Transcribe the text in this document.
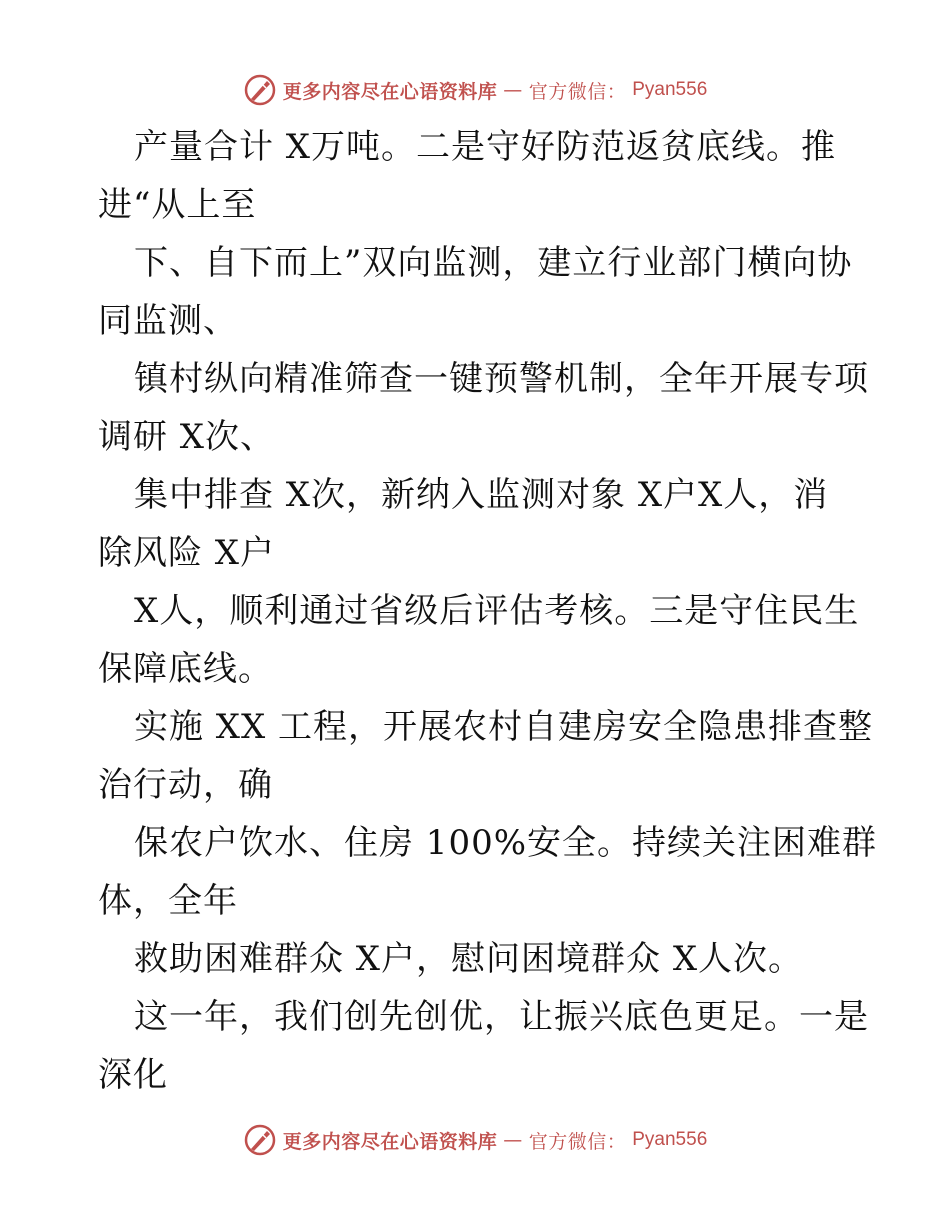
更多内容尽在心语资料库 — 官方微信： Pyan556
产量合计 X万吨。二是守好防范返贫底线。推
进“从上至
下、自下而上”双向监测，建立行业部门横向协
同监测、
镇村纵向精准筛查一键预警机制，全年开展专项
调研 X次、
集中排查 X次，新纳入监测对象 X户X人，消
除风险 X户
X人，顺利通过省级后评估考核。三是守住民生
保障底线。
实施 XX 工程，开展农村自建房安全隐患排查整
治行动，确
保农户饮水、住房 100%安全。持续关注困难群
体，全年
救助困难群众 X户，慰问困境群众 X人次。
这一年，我们创先创优，让振兴底色更足。一是
深化
更多内容尽在心语资料库 — 官方微信： Pyan556
